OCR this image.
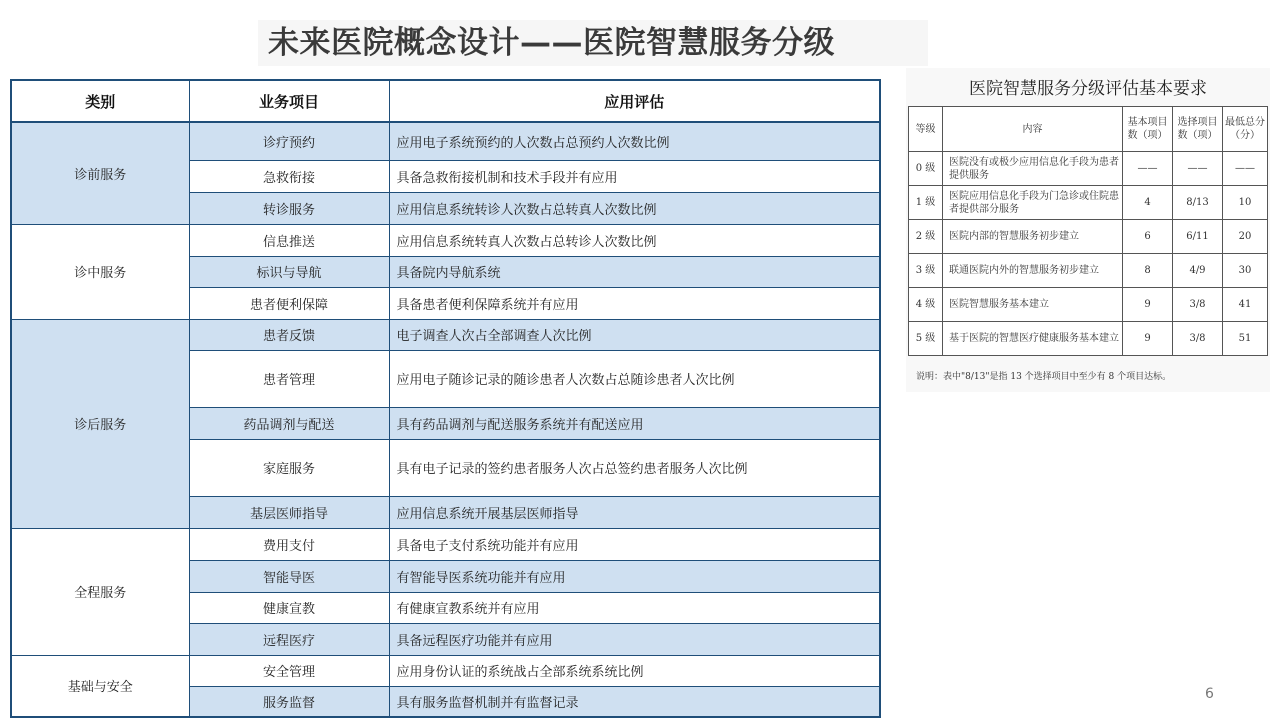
未来医院概念设计——医院智慧服务分级
类别	业务项目	应用评估
诊前服务	诊疗预约	应用电子系统预约的人次数占总预约人次数比例
	急救衔接	具备急救衔接机制和技术手段并有应用
	转诊服务	应用信息系统转诊人次数占总转真人次数比例
诊中服务	信息推送	应用信息系统转真人次数占总转诊人次数比例
	标识与导航	具备院内导航系统
	患者便利保障	具备患者便利保障系统并有应用
诊后服务	患者反馈	电子调查人次占全部调查人次比例
	患者管理	应用电子随诊记录的随诊患者人次数占总随诊患者人次比例
	药品调剂与配送	具有药品调剂与配送服务系统并有配送应用
	家庭服务	具有电子记录的签约患者服务人次占总签约患者服务人次比例
	基层医师指导	应用信息系统开展基层医师指导
全程服务	费用支付	具备电子支付系统功能并有应用
	智能导医	有智能导医系统功能并有应用
	健康宣教	有健康宣教系统并有应用
	远程医疗	具备远程医疗功能并有应用
基础与安全	安全管理	应用身份认证的系统战占全部系统系统比例
	服务监督	具有服务监督机制并有监督记录
医院智慧服务分级评估基本要求
等级	内容	基本项目数（项）	选择项目数（项）	最低总分（分）
0 级	医院没有或极少应用信息化手段为患者提供服务	——	——	——
1 级	医院应用信息化手段为门急诊或住院患者提供部分服务	4	8/13	10
2 级	医院内部的智慧服务初步建立	6	6/11	20
3 级	联通医院内外的智慧服务初步建立	8	4/9	30
4 级	医院智慧服务基本建立	9	3/8	41
5 级	基于医院的智慧医疗健康服务基本建立	9	3/8	51
说明：表中"8/13"是指 13 个选择项目中至少有 8 个项目达标。
6
